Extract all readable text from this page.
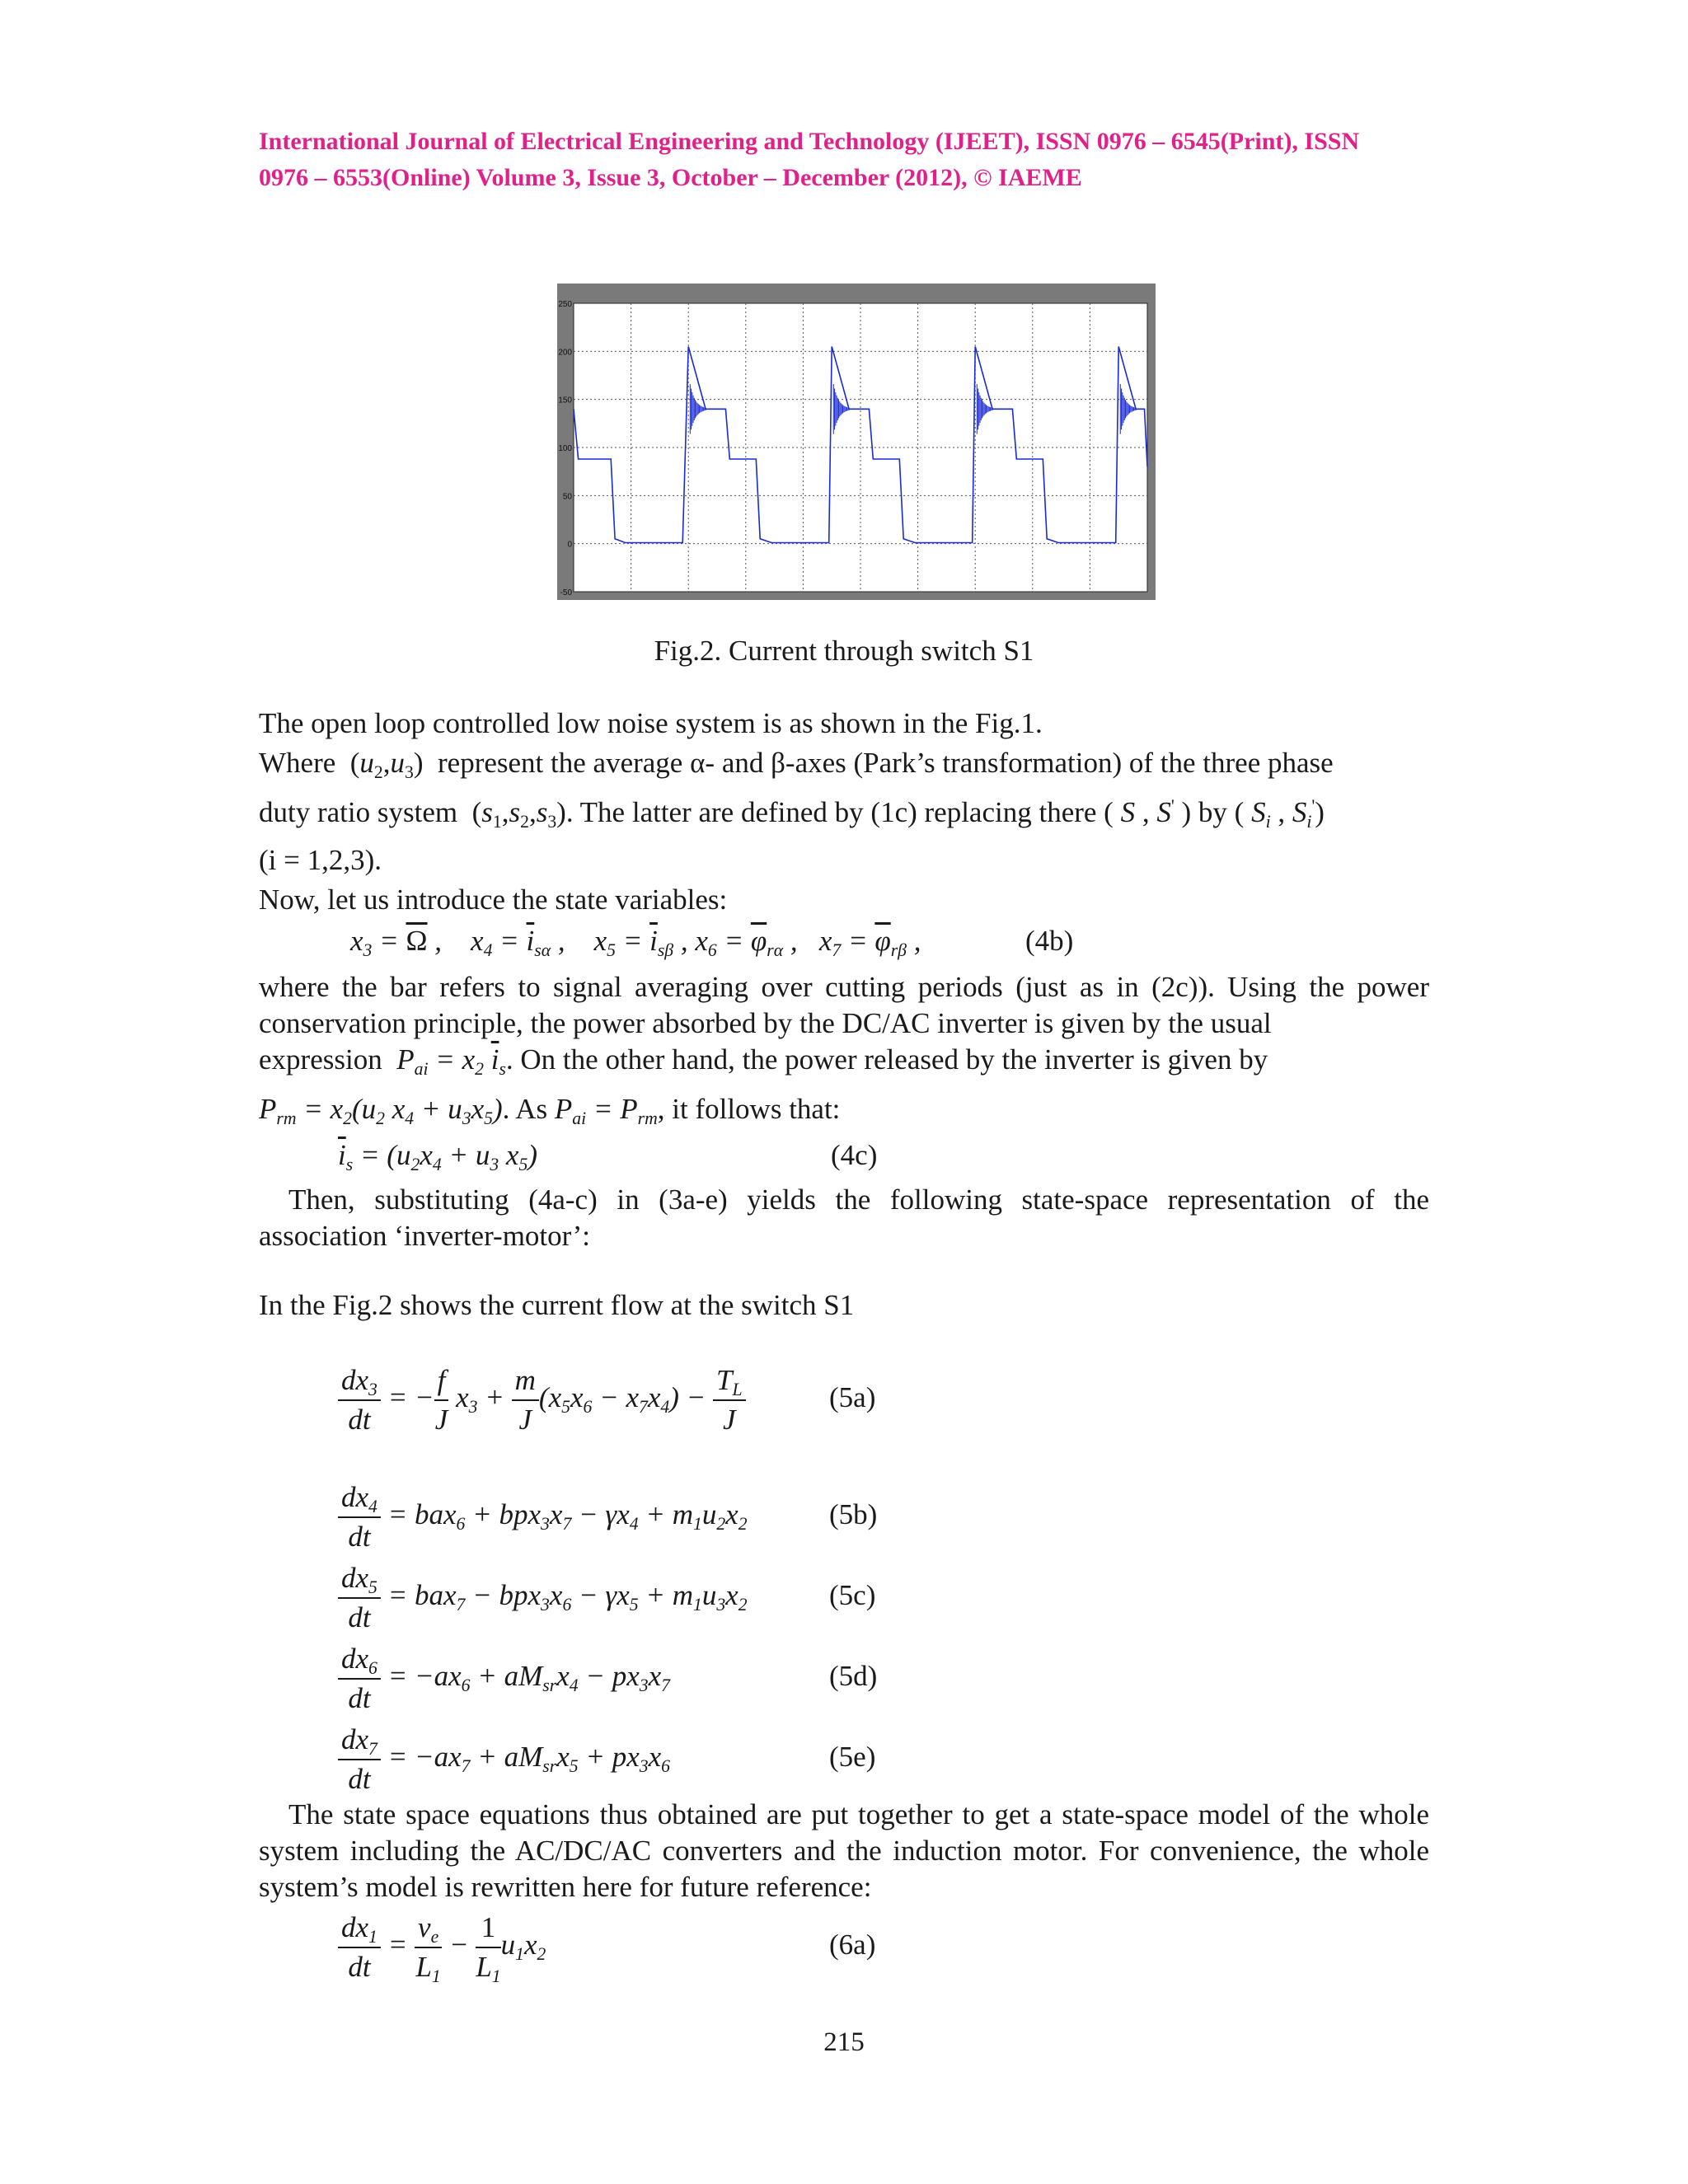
International Journal of Electrical Engineering and Technology (IJEET), ISSN 0976 – 6545(Print), ISSN
0976 – 6553(Online) Volume 3, Issue 3, October – December (2012), © IAEME
250
200
150
100
50
0
-50
Fig.2. Current through switch S1
The open loop controlled low noise system is as shown in the Fig.1.
Where  $(u_2,u_3)$  represent the average α- and β-axes (Park’s transformation) of the three phase
duty ratio system  $(s_1,s_2,s_3)$. The latter are defined by (1c) replacing there ( S , S' ) by ( $S_i$ , $S_i'$)
(i = 1,2,3).
Now, let us introduce the state variables:
$x_3 = \overline{\Omega}$ ,    $x_4 = \overline{i}_{s\alpha}$ ,    $x_5 = \overline{i}_{s\beta}$ , $x_6 = \overline{\varphi}_{r\alpha}$ ,   $x_7 = \overline{\varphi}_{r\beta}$ ,	(4b)
where the bar refers to signal averaging over cutting periods (just as in (2c)). Using the power conservation principle, the power absorbed by the DC/AC inverter is given by the usual
expression  $P_{ai} = x_2$ $\overline{i}_s$. On the other hand, the power released by the inverter is given by
$P_{rm} = x_2(u_2$ $x_4 + u_3x_5$). As $P_{ai} = P_{rm}$, it follows that:
$\overline{i}_s = (u_2x_4 + u_3$ $x_5$)	(4c)
Then, substituting (4a-c) in (3a-e) yields the following state-space representation of the association ‘inverter-motor’:
In the Fig.2 shows the current flow at the switch S1
$\frac{dx_3}{dt}$ = − $\frac{f}{J} x_3 + \frac{m}{J} (x_5x_6 - x_7x_4) - \frac{T_L}{J}$	(5a)
$\frac{dx_4}{dt} = bax_6 + bpx_3x_7 - \gamma x_4 + m_1u_2x_2$	(5b)
$\frac{dx_5}{dt} = bax_7 - bpx_3x_6 - \gamma x_5 + m_1u_3x_2$	(5c)
$\frac{dx_6}{dt} = -ax_6 + aM_{sr}x_4 - px_3x_7$	(5d)
$\frac{dx_7}{dt} = -ax_7 + aM_{sr}x_5 + px_3x_6$	(5e)
The state space equations thus obtained are put together to get a state-space model of the whole system including the AC/DC/AC converters and the induction motor. For convenience, the whole system’s model is rewritten here for future reference:
$\frac{dx_1}{dt} = \frac{v_e}{L_1} - \frac{1}{L_1} u_1x_2$	(6a)
215
